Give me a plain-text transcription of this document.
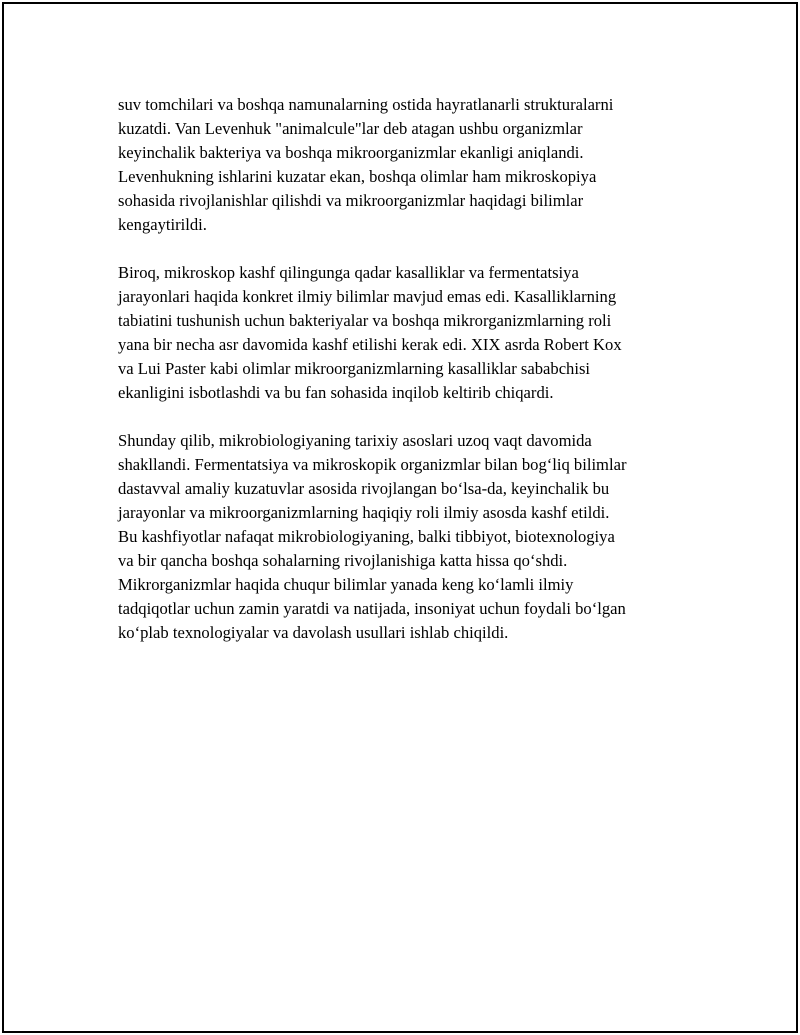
suv tomchilari va boshqa namunalarning ostida hayratlanarli strukturalarni
kuzatdi. Van Levenhuk "animalcule"lar deb atagan ushbu organizmlar
keyinchalik bakteriya va boshqa mikroorganizmlar ekanligi aniqlandi.
Levenhukning ishlarini kuzatar ekan, boshqa olimlar ham mikroskopiya
sohasida rivojlanishlar qilishdi va mikroorganizmlar haqidagi bilimlar
kengaytirildi.

Biroq, mikroskop kashf qilingunga qadar kasalliklar va fermentatsiya
jarayonlari haqida konkret ilmiy bilimlar mavjud emas edi. Kasalliklarning
tabiatini tushunish uchun bakteriyalar va boshqa mikrorganizmlarning roli
yana bir necha asr davomida kashf etilishi kerak edi. XIX asrda Robert Kox
va Lui Paster kabi olimlar mikroorganizmlarning kasalliklar sababchisi
ekanligini isbotlashdi va bu fan sohasida inqilob keltirib chiqardi.

Shunday qilib, mikrobiologiyaning tarixiy asoslari uzoq vaqt davomida
shakllandi. Fermentatsiya va mikroskopik organizmlar bilan bog‘liq bilimlar
dastavval amaliy kuzatuvlar asosida rivojlangan bo‘lsa-da, keyinchalik bu
jarayonlar va mikroorganizmlarning haqiqiy roli ilmiy asosda kashf etildi.
Bu kashfiyotlar nafaqat mikrobiologiyaning, balki tibbiyot, biotexnologiya
va bir qancha boshqa sohalarning rivojlanishiga katta hissa qo‘shdi.
Mikrorganizmlar haqida chuqur bilimlar yanada keng ko‘lamli ilmiy
tadqiqotlar uchun zamin yaratdi va natijada, insoniyat uchun foydali bo‘lgan
ko‘plab texnologiyalar va davolash usullari ishlab chiqildi.
